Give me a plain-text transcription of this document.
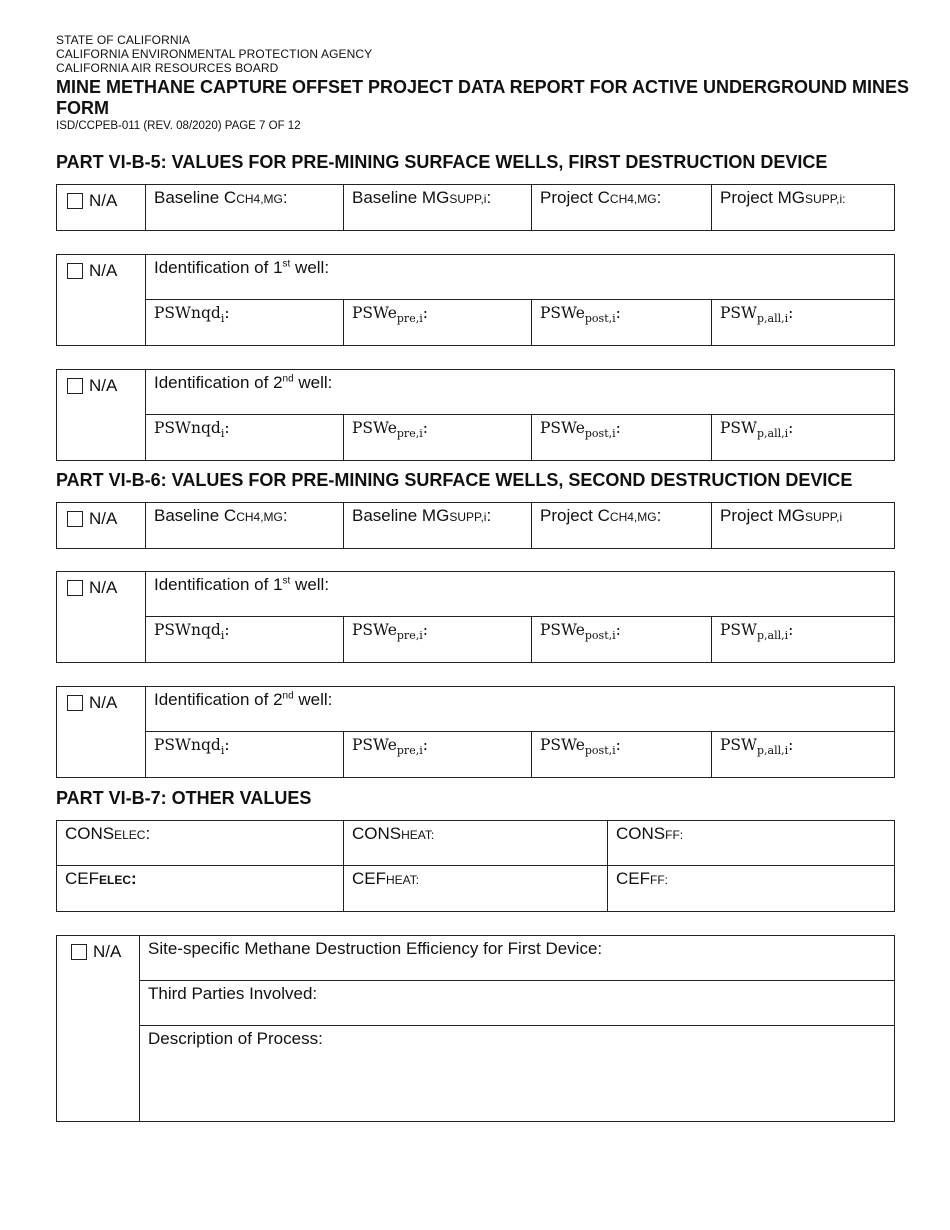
STATE OF CALIFORNIA
CALIFORNIA ENVIRONMENTAL PROTECTION AGENCY
CALIFORNIA AIR RESOURCES BOARD
MINE METHANE CAPTURE OFFSET PROJECT DATA REPORT FOR ACTIVE UNDERGROUND MINES FORM
ISD/CCPEB-011 (REV. 08/2020) PAGE 7 OF 12
PART VI-B-5: VALUES FOR PRE-MINING SURFACE WELLS, FIRST DESTRUCTION DEVICE
N/A	Baseline CCH4,MG:	Baseline MGSUPP,i:	Project CCH4,MG:	Project MGSUPP,i:
N/A	Identification of 1st well:			

	PSWnqd$_i$:	PSWe$_{pre,i}$:	PSWe$_{post,i}$:	$PSW_{p,all,i}$:
N/A	Identification of 2nd well:			

	PSWnqd$_i$:	PSWe$_{pre,i}$:	PSWe$_{post,i}$:	$PSW_{p,all,i}$:
PART VI-B-6: VALUES FOR PRE-MINING SURFACE WELLS, SECOND DESTRUCTION DEVICE
N/A	Baseline CCH4,MG:	Baseline MGSUPP,i:	Project CCH4,MG:	Project MGSUPP,i
N/A	Identification of 1st well:			

	PSWnqd$_i$:	PSWe$_{pre,i}$:	PSWe$_{post,i}$:	$PSW_{p,all,i}$:
N/A	Identification of 2nd well:			

	PSWnqd$_i$:	PSWe$_{pre,i}$:	PSWe$_{post,i}$:	$PSW_{p,all,i}$:
PART VI-B-7: OTHER VALUES
CONSELEC:	CONSHEAT:	CONSFF:

CEFELEC:	CEFHEAT:	CEFFF:
N/A	Site-specific Methane Destruction Efficiency for First Device:

Third Parties Involved:

Description of Process:
